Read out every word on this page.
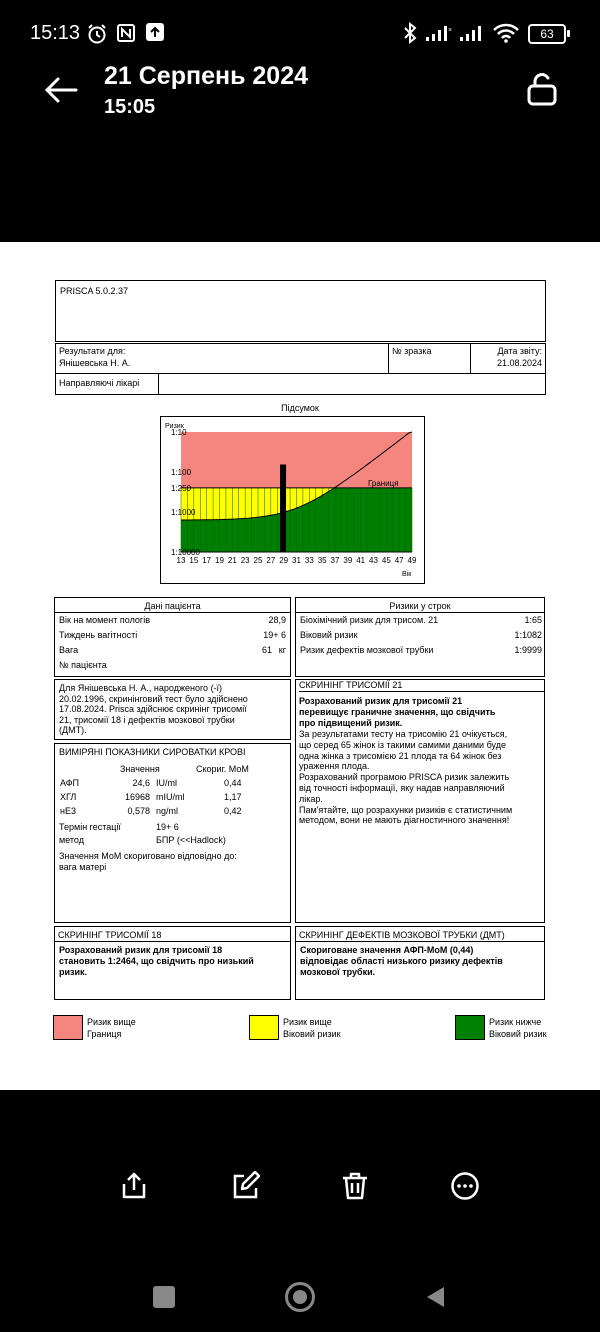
15:13	×	63
21 Серпень 2024
15:05
PRISCA 5.0.2.37
Результати для:
Янішевська Н. А.
№ зразка	Дата звіту:
21.08.2024
Направляючі лікарі
Підсумок
1:10
1:100
1:250
1:1000
1:10000
13 15 17 19 21 23 25 27 29 31 33 35 37 39 41 43 45 47 49
Ризик
Вік
Границя
Дані пацієнта	Ризики у строк
ВИМІРЯНІ ПОКАЗНИКИ СИРОВАТКИ КРОВІ
Значення	Скориг. МоМ
Термін гестації	19+ 6
метод	БПР (<<Hadlock)
Значення МоМ скориговано відповідно до:
вага матері
СКРИНІНГ ТРИСОМІЇ 21
СКРИНІНГ ТРИСОМІЇ 18	СКРИНІНГ ДЕФЕКТІВ МОЗКОВОЇ ТРУБКИ (ДМТ)
Вік на момент пологів	28,9
Тиждень вагітності	19+ 6
Вага	61 кг
№ пацієнта
Біохімічний ризик для трисом. 21	1:65
Віковий ризик	1:1082
Ризик дефектів мозкової трубки	1:9999
Для Янішевська Н. А., народженого (-ї)
20.02.1996, скринінговий тест було здійснено
17.08.2024. Prisca здійснює скринінг трисомії
21, трисомії 18 і дефектів мозкової трубки
(ДМТ).
АФП	24,6 IU/ml	0,44
ХГЛ	16968 mIU/ml	1,17
нЕ3	0,578 ng/ml	0,42
Розрахований ризик для трисомії 21
перевищує граничне значення, що свідчить
про підвищений ризик.
За результатами тесту на трисомію 21 очікується,
що серед 65 жінок із такими самими даними буде
одна жінка з трисомією 21 плода та 64 жінок без
ураження плода.
Розрахований програмою PRISCA ризик залежить
від точності інформації, яку надав направляючий
лікар.
Пам'ятайте, що розрахунки ризиків є статистичним
методом, вони не мають діагностичного значення!
Розрахований ризик для трисомії 18
становить 1:2464, що свідчить про низький
ризик.
Скориговане значення АФП-МоМ (0,44)
відповідає області низького ризику дефектів
мозкової трубки.
Ризик вище
Границя
Ризик вище
Віковий ризик
Ризик нижче
Віковий ризик
